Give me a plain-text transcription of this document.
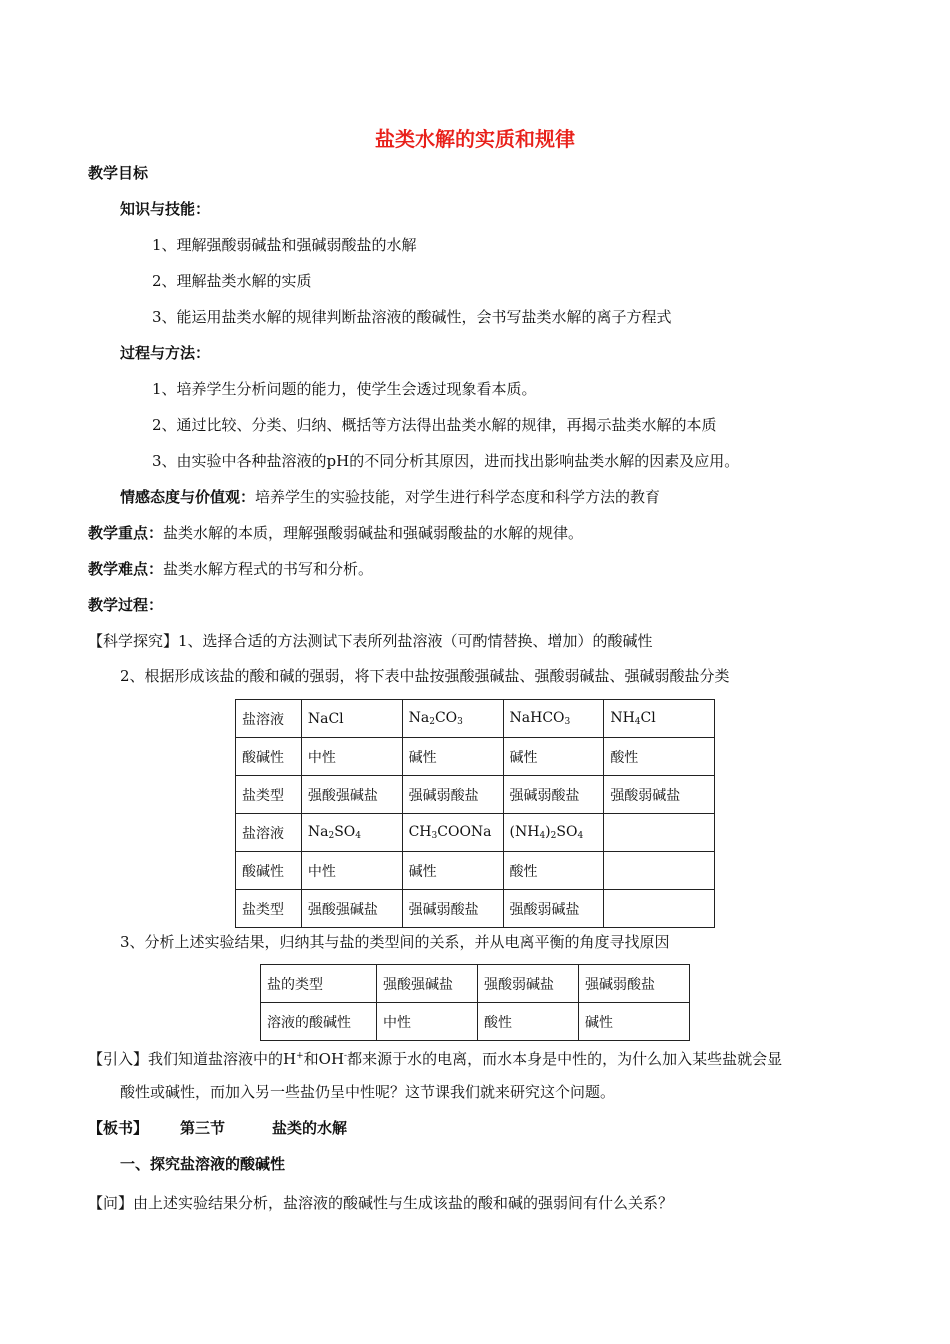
盐类水解的实质和规律
教学目标
知识与技能：
1、理解强酸弱碱盐和强碱弱酸盐的水解
2、理解盐类水解的实质
3、能运用盐类水解的规律判断盐溶液的酸碱性，会书写盐类水解的离子方程式
过程与方法：
1、培养学生分析问题的能力，使学生会透过现象看本质。
2、通过比较、分类、归纳、概括等方法得出盐类水解的规律，再揭示盐类水解的本质
3、由实验中各种盐溶液的pH的不同分析其原因，进而找出影响盐类水解的因素及应用。
情感态度与价值观：培养学生的实验技能，对学生进行科学态度和科学方法的教育
教学重点：盐类水解的本质，理解强酸弱碱盐和强碱弱酸盐的水解的规律。
教学难点：盐类水解方程式的书写和分析。
教学过程：
【科学探究】1、选择合适的方法测试下表所列盐溶液（可酌情替换、增加）的酸碱性
2、根据形成该盐的酸和碱的强弱，将下表中盐按强酸强碱盐、强酸弱碱盐、强碱弱酸盐分类
盐溶液	NaCl	$Na_2CO_3$	NaHCO$_3$	$NH_4Cl$
酸碱性	中性	碱性	碱性	酸性
盐类型	强酸强碱盐	强碱弱酸盐	强碱弱酸盐	强酸弱碱盐
盐溶液	$Na_2SO_4$	$CH_3COONa$	$(NH_4)_2SO_4$	
酸碱性	中性	碱性	酸性	
盐类型	强酸强碱盐	强碱弱酸盐	强酸弱碱盐	
3、分析上述实验结果，归纳其与盐的类型间的关系，并从电离平衡的角度寻找原因
盐的类型	强酸强碱盐	强酸弱碱盐	强碱弱酸盐
溶液的酸碱性	中性	酸性	碱性
【引入】我们知道盐溶液中的H+和OH-都来源于水的电离，而水本身是中性的，为什么加入某些盐就会显
酸性或碱性，而加入另一些盐仍呈中性呢？这节课我们就来研究这个问题。
【板书】 第三节	盐类的水解
一、探究盐溶液的酸碱性
【问】由上述实验结果分析，盐溶液的酸碱性与生成该盐的酸和碱的强弱间有什么关系？
